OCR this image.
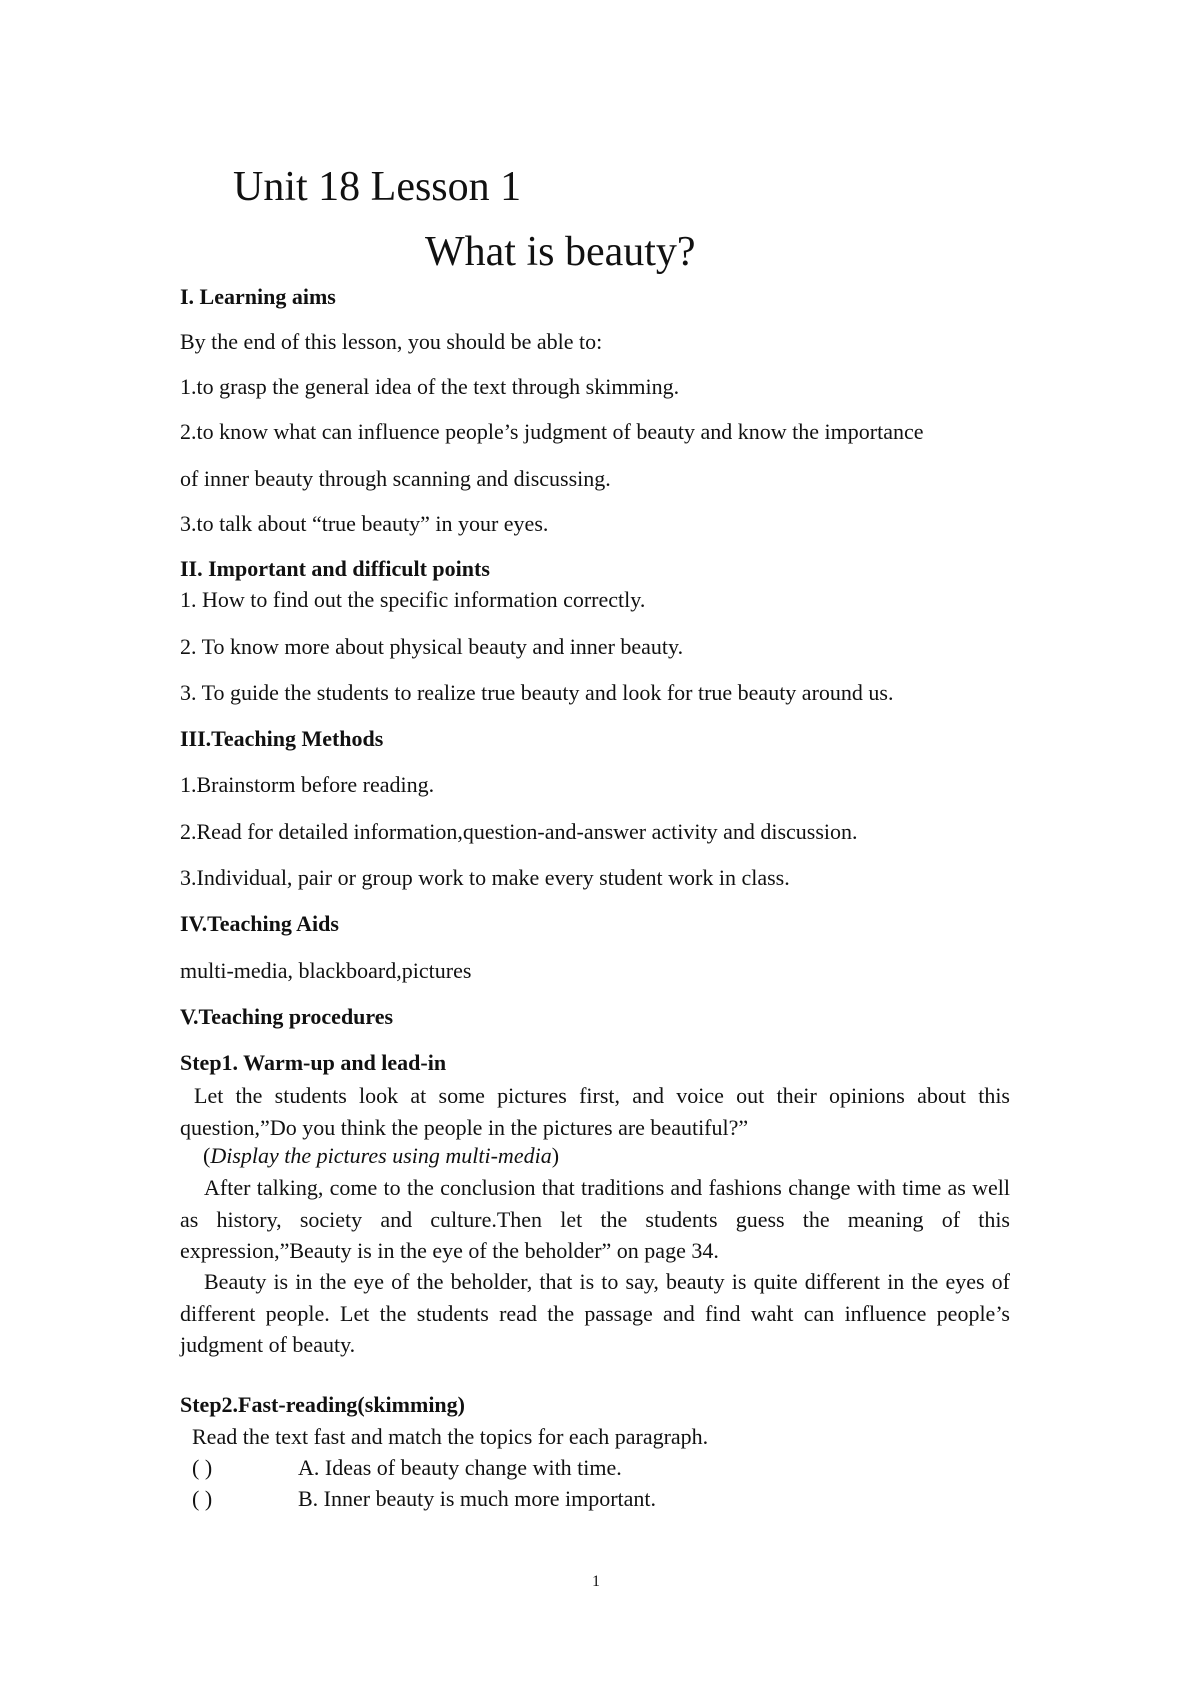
Unit 18 Lesson 1
What is beauty?
I. Learning aims
By the end of this lesson, you should be able to:
1.to grasp the general idea of the text through skimming.
2.to know what can influence people’s judgment of beauty and know the importance
of inner beauty through scanning and discussing.
3.to talk about “true beauty” in your eyes.
II. Important and difficult points
1. How to find out the specific information correctly.
2. To know more about physical beauty and inner beauty.
3. To guide the students to realize true beauty and look for true beauty around us.
III.Teaching Methods
1.Brainstorm before reading.
2.Read for detailed information,question-and-answer activity and discussion.
3.Individual, pair or group work to make every student work in class.
IV.Teaching Aids
multi-media, blackboard,pictures
V.Teaching procedures
Step1. Warm-up and lead-in
Let the students look at some pictures first, and voice out their opinions about this question,”Do you think the people in the pictures are beautiful?”
(Display the pictures using multi-media)
After talking, come to the conclusion that traditions and fashions change with time as well as history, society and culture.Then let the students guess the meaning of this expression,”Beauty is in the eye of the beholder” on page 34.
Beauty is in the eye of the beholder, that is to say, beauty is quite different in the eyes of different people. Let the students read the passage and find waht can influence people’s judgment of beauty.
Step2.Fast-reading(skimming)
Read the text fast and match the topics for each paragraph.
( )	A. Ideas of beauty change with time.
( )	B. Inner beauty is much more important.
1
